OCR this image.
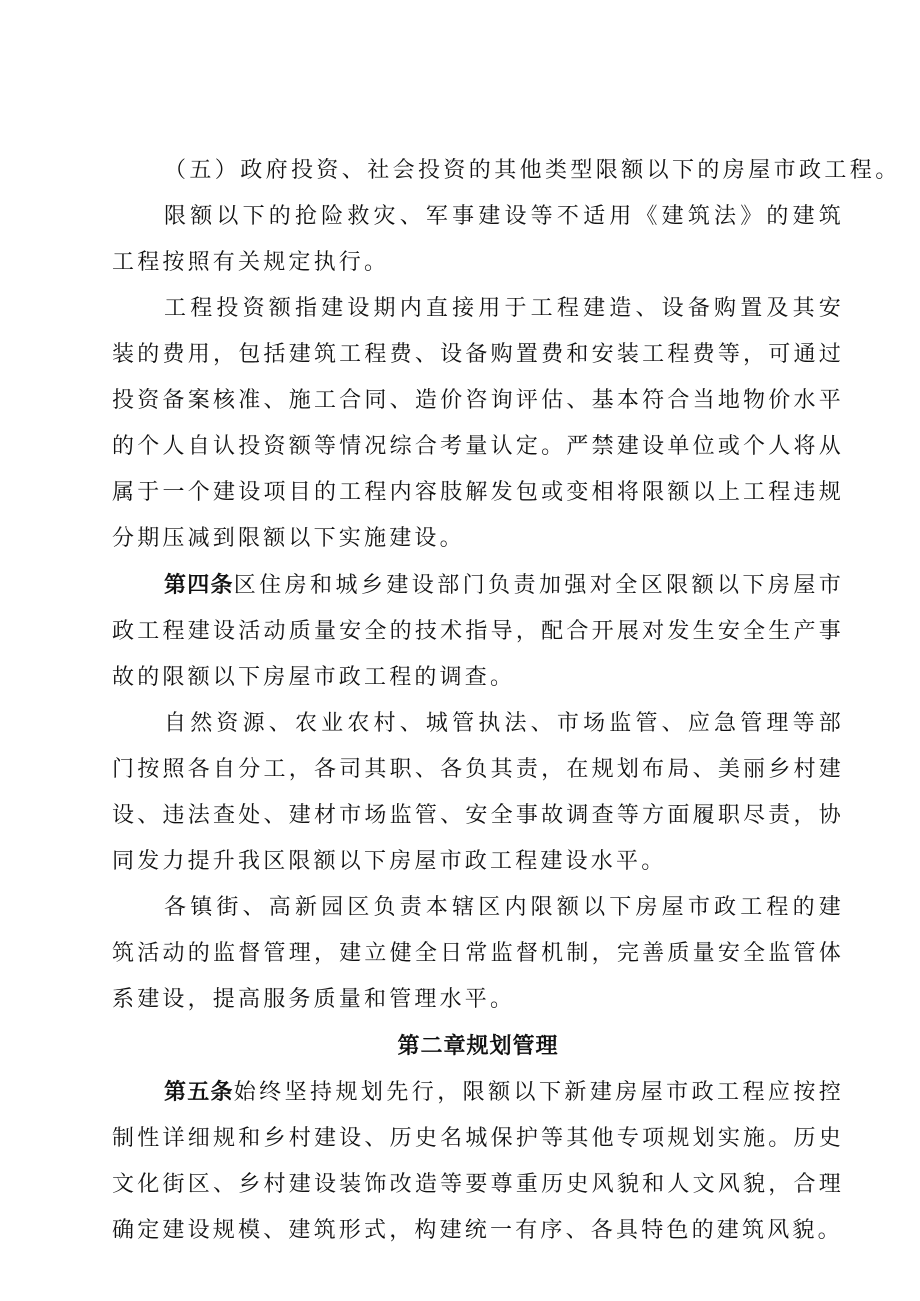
（五）政府投资、社会投资的其他类型限额以下的房屋市政工程。

限额以下的抢险救灾、军事建设等不适用《建筑法》的建筑工程按照有关规定执行。

工程投资额指建设期内直接用于工程建造、设备购置及其安装的费用，包括建筑工程费、设备购置费和安装工程费等，可通过投资备案核准、施工合同、造价咨询评估、基本符合当地物价水平的个人自认投资额等情况综合考量认定。严禁建设单位或个人将从属于一个建设项目的工程内容肢解发包或变相将限额以上工程违规分期压减到限额以下实施建设。

第四条区住房和城乡建设部门负责加强对全区限额以下房屋市政工程建设活动质量安全的技术指导，配合开展对发生安全生产事故的限额以下房屋市政工程的调查。

自然资源、农业农村、城管执法、市场监管、应急管理等部门按照各自分工，各司其职、各负其责，在规划布局、美丽乡村建设、违法查处、建材市场监管、安全事故调查等方面履职尽责，协同发力提升我区限额以下房屋市政工程建设水平。

各镇街、高新园区负责本辖区内限额以下房屋市政工程的建筑活动的监督管理，建立健全日常监督机制，完善质量安全监管体系建设，提高服务质量和管理水平。

第二章规划管理

第五条始终坚持规划先行，限额以下新建房屋市政工程应按控制性详细规和乡村建设、历史名城保护等其他专项规划实施。历史文化街区、乡村建设装饰改造等要尊重历史风貌和人文风貌，合理确定建设规模、建筑形式，构建统一有序、各具特色的建筑风貌。
